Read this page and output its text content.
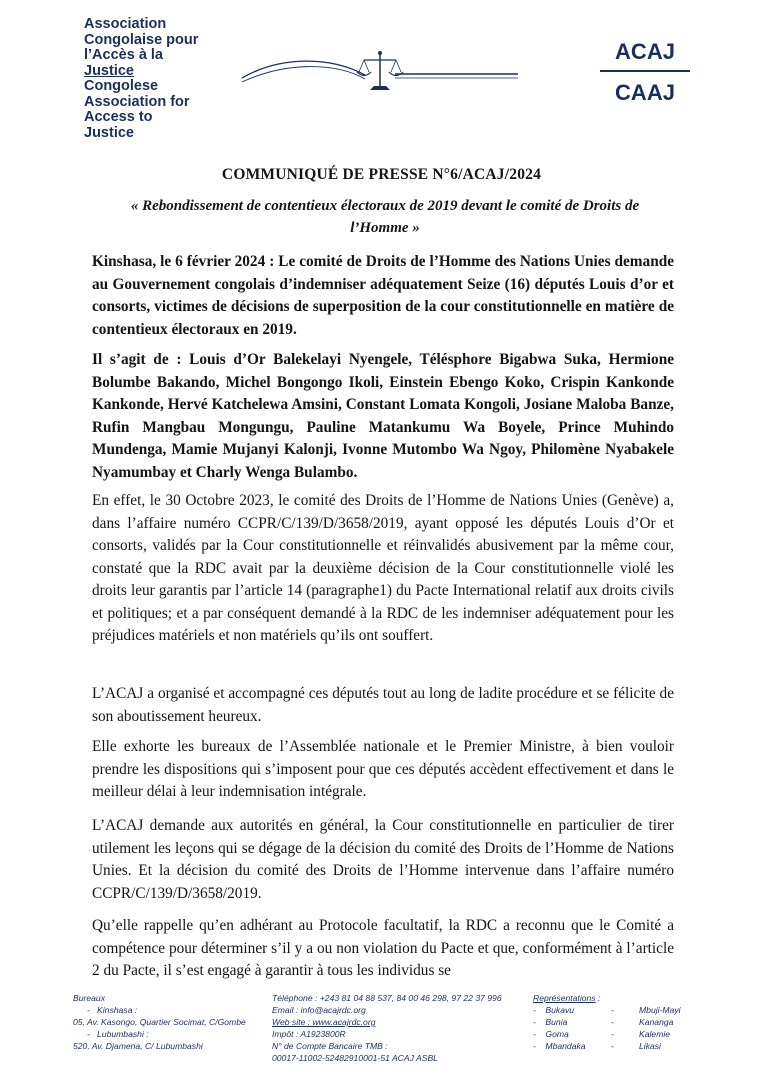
Association
Congolaise pour
l’Accès à la
Justice
Congolese
Association for
Access to
Justice
ACAJ
CAAJ
COMMUNIQUÉ DE PRESSE N°6/ACAJ/2024
« Rebondissement de contentieux électoraux de 2019 devant le comité de Droits de l’Homme »
Kinshasa, le 6 février 2024 : Le comité de Droits de l’Homme des Nations Unies demande au Gouvernement congolais d’indemniser adéquatement Seize (16) députés Louis d’or et consorts, victimes de décisions de superposition de la cour constitutionnelle en matière de contentieux électoraux en 2019.
Il s’agit de : Louis d’Or Balekelayi Nyengele, Télésphore Bigabwa Suka, Hermione Bolumbe Bakando, Michel Bongongo Ikoli, Einstein Ebengo Koko, Crispin Kankonde Kankonde, Hervé Katchelewa Amsini, Constant Lomata Kongoli, Josiane Maloba Banze, Rufin Mangbau Mongungu, Pauline Matankumu Wa Boyele, Prince Muhindo Mundenga, Mamie Mujanyi Kalonji, Ivonne Mutombo Wa Ngoy, Philomène Nyabakele Nyamumbay et Charly Wenga Bulambo.
En effet, le 30 Octobre 2023, le comité des Droits de l’Homme de Nations Unies (Genève) a, dans l’affaire numéro CCPR/C/139/D/3658/2019, ayant opposé les députés Louis d’Or et consorts, validés par la Cour constitutionnelle et réinvalidés abusivement par la même cour, constaté que la RDC avait par la deuxième décision de la Cour constitutionnelle violé les droits leur garantis par l’article 14 (paragraphe1) du Pacte International relatif aux droits civils et politiques; et a par conséquent demandé à la RDC de les indemniser adéquatement pour les préjudices matériels et non matériels qu’ils ont souffert.
L’ACAJ a organisé et accompagné ces députés tout au long de ladite procédure et se félicite de son aboutissement heureux.
Elle exhorte les bureaux de l’Assemblée nationale et le Premier Ministre, à bien vouloir prendre les dispositions qui s’imposent pour que ces députés accèdent effectivement et dans le meilleur délai à leur indemnisation intégrale.
L’ACAJ demande aux autorités en général, la Cour constitutionnelle en particulier de tirer utilement les leçons qui se dégage de la décision du comité des Droits de l’Homme de Nations Unies. Et la décision du comité des Droits de l’Homme intervenue dans l’affaire numéro CCPR/C/139/D/3658/2019.
Qu’elle rappelle qu’en adhérant au Protocole facultatif, la RDC a reconnu que le Comité a compétence pour déterminer s’il y a ou non violation du Pacte et que, conformément à l’article 2 du Pacte, il s’est engagé à garantir à tous les individus se
Bureaux
-   Kinshasa :
05, Av. Kasongo, Quartier Socimat, C/Gombe
-   Lubumbashi :
520, Av. Djamena, C/ Lubumbashi
Téléphone : +243 81 04 88 537, 84 00 46 298, 97 22 37 996
Email : info@acajrdc.org
Web site : www.acajrdc.org
Impôt : A1923800R
N° de Compte Bancaire TMB :
00017-11002-52482910001-51 ACAJ ASBL
Représentations :
-    Bukavu	-	Mbuji-Mayi
-    Bunia	-	Kananga
-    Goma	-	Kalemie
-    Mbandaka	-	Likasi
